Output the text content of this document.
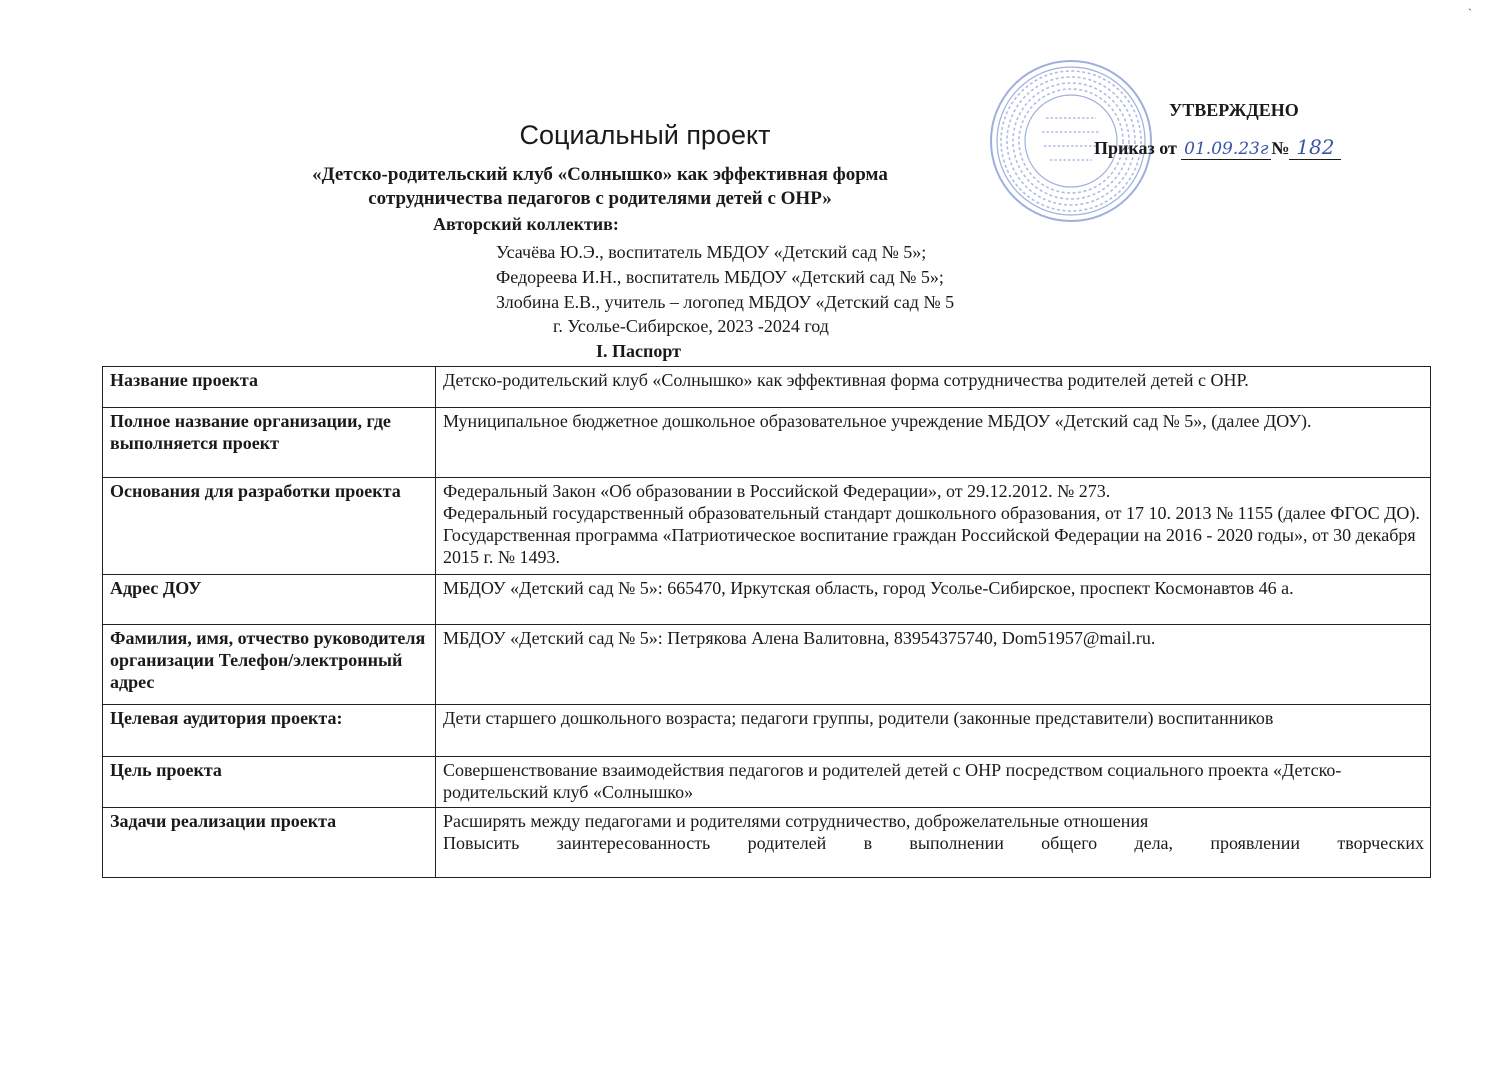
`
УТВЕРЖДЕНО
Приказ от 01.09.23г № 182
Социальный проект
«Детско-родительский клуб «Солнышко» как эффективная форма
сотрудничества педагогов с родителями детей с ОНР»
Авторский коллектив:
Усачёва Ю.Э., воспитатель МБДОУ «Детский сад № 5»;
Федореева И.Н., воспитатель МБДОУ «Детский сад № 5»;
Злобина Е.В., учитель – логопед МБДОУ «Детский сад № 5
г. Усолье-Сибирское, 2023 -2024 год
I. Паспорт
Название проекта	Детско-родительский клуб «Солнышко» как эффективная форма сотрудничества родителей детей с ОНР.

Полное название организации, где выполняется проект	Муниципальное бюджетное дошкольное образовательное учреждение МБДОУ «Детский сад № 5», (далее ДОУ).

Основания для разработки проекта	Федеральный Закон «Об образовании в Российской Федерации», от 29.12.2012. № 273.
Федеральный государственный образовательный стандарт дошкольного образования, от 17 10. 2013 № 1155 (далее ФГОС ДО).
Государственная программа «Патриотическое воспитание граждан Российской Федерации на 2016 - 2020 годы», от 30 декабря 2015 г. № 1493.

Адрес ДОУ	МБДОУ «Детский сад № 5»: 665470, Иркутская область, город Усолье-Сибирское, проспект Космонавтов 46 а.

Фамилия, имя, отчество руководителя организации Телефон/электронный адрес	МБДОУ «Детский сад № 5»: Петрякова Алена Валитовна, 83954375740, Dom51957@mail.ru.

Целевая аудитория проекта:	Дети старшего дошкольного возраста; педагоги группы, родители (законные представители) воспитанников

Цель проекта	Совершенствование взаимодействия педагогов и родителей детей с ОНР посредством социального проекта «Детско-родительский клуб «Солнышко»

Задачи реализации проекта	Расширять между педагогами и родителями сотрудничество, доброжелательные отношения
Повысить заинтересованность родителей в выполнении общего дела, проявлении творческих
